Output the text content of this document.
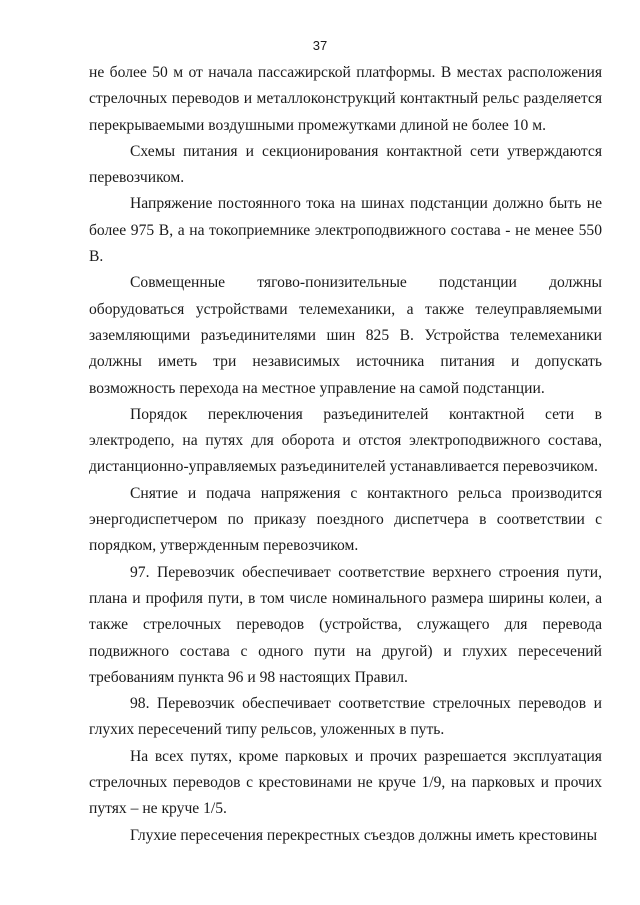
37

не более 50 м от начала пассажирской платформы. В местах расположения стрелочных переводов и металлоконструкций контактный рельс разделяется перекрываемыми воздушными промежутками длиной не более 10 м.

Схемы питания и секционирования контактной сети утверждаются перевозчиком.

Напряжение постоянного тока на шинах подстанции должно быть не более 975 В, а на токоприемнике электроподвижного состава - не менее 550 В.

Совмещенные тягово-понизительные подстанции должны оборудоваться устройствами телемеханики, а также телеуправляемыми заземляющими разъединителями шин 825 В. Устройства телемеханики должны иметь три независимых источника питания и допускать возможность перехода на местное управление на самой подстанции.

Порядок переключения разъединителей контактной сети в электродепо, на путях для оборота и отстоя электроподвижного состава, дистанционно-управляемых разъединителей устанавливается перевозчиком.

Снятие и подача напряжения с контактного рельса производится энергодиспетчером по приказу поездного диспетчера в соответствии с порядком, утвержденным перевозчиком.

97. Перевозчик обеспечивает соответствие верхнего строения пути, плана и профиля пути, в том числе номинального размера ширины колеи, а также стрелочных переводов (устройства, служащего для перевода подвижного состава с одного пути на другой) и глухих пересечений требованиям пункта 96 и 98 настоящих Правил.

98. Перевозчик обеспечивает соответствие стрелочных переводов и глухих пересечений типу рельсов, уложенных в путь.

На всех путях, кроме парковых и прочих разрешается эксплуатация стрелочных переводов с крестовинами не круче 1/9, на парковых и прочих путях – не круче 1/5.

Глухие пересечения перекрестных съездов должны иметь крестовины
